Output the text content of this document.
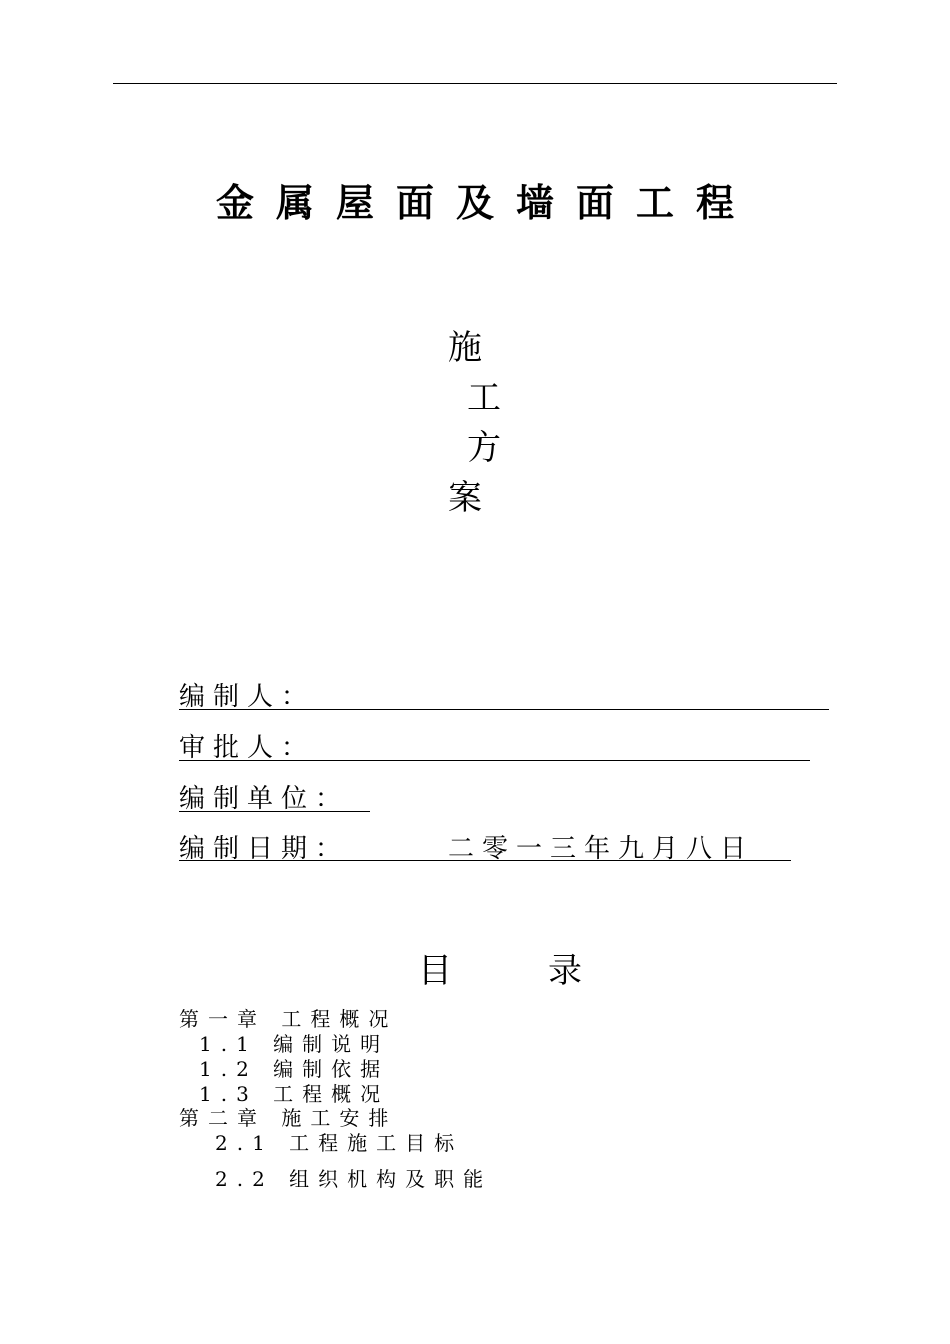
金属屋面及墙面工程
施
工
方
案
编制人：
审批人：
编制单位：
编制日期：	二零一三年九月八日
目	录
第一章 工程概况
1.1 编制说明
1.2 编制依据
1.3 工程概况
第二章 施工安排
2.1 工程施工目标
2.2 组织机构及职能
